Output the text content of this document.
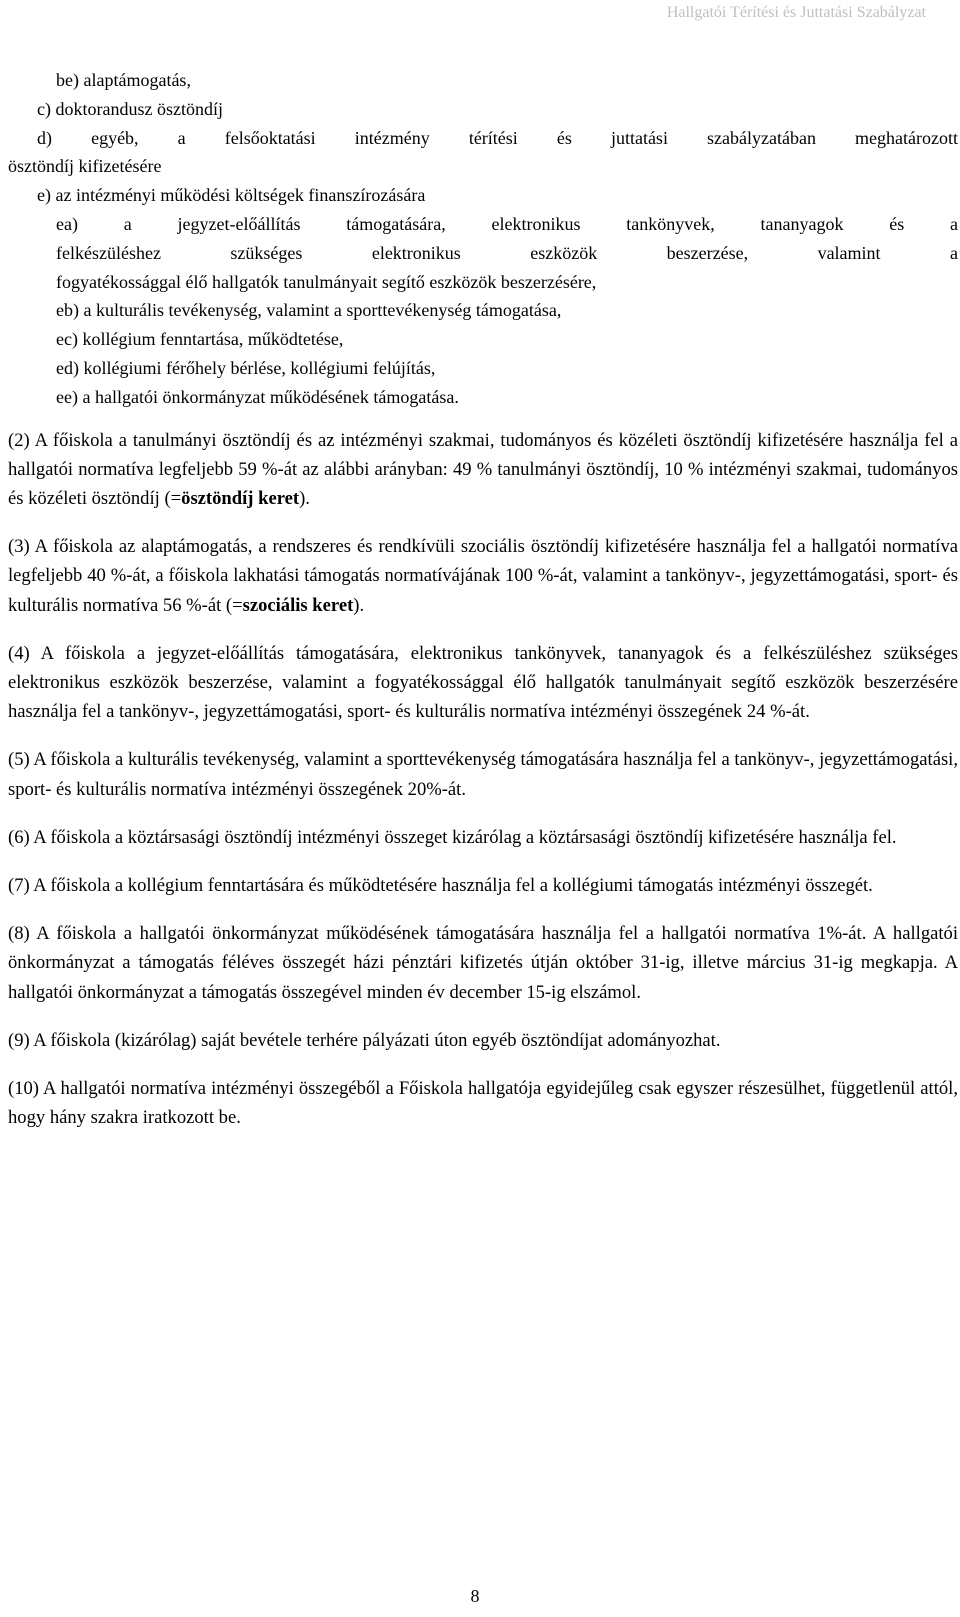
Hallgatói Térítési és Juttatási Szabályzat
be) alaptámogatás,
c) doktorandusz ösztöndíj
d) egyéb, a felsőoktatási intézmény térítési és juttatási szabályzatában meghatározott
ösztöndíj kifizetésére
e) az intézményi működési költségek finanszírozására
ea) a jegyzet-előállítás támogatására, elektronikus tankönyvek, tananyagok és a
felkészüléshez szükséges elektronikus eszközök beszerzése, valamint a
fogyatékossággal élő hallgatók tanulmányait segítő eszközök beszerzésére,
eb) a kulturális tevékenység, valamint a sporttevékenység támogatása,
ec) kollégium fenntartása, működtetése,
ed) kollégiumi férőhely bérlése, kollégiumi felújítás,
ee) a hallgatói önkormányzat működésének támogatása.

(2) A főiskola a tanulmányi ösztöndíj és az intézményi szakmai, tudományos és közéleti ösztöndíj kifizetésére használja fel a hallgatói normatíva legfeljebb 59 %-át az alábbi arányban: 49 % tanulmányi ösztöndíj, 10 % intézményi szakmai, tudományos és közéleti ösztöndíj (=ösztöndíj keret).

(3) A főiskola az alaptámogatás, a rendszeres és rendkívüli szociális ösztöndíj kifizetésére használja fel a hallgatói normatíva legfeljebb 40 %-át, a főiskola lakhatási támogatás normatívájának 100 %-át, valamint a tankönyv-, jegyzettámogatási, sport- és kulturális normatíva 56 %-át (=szociális keret).

(4) A főiskola a jegyzet-előállítás támogatására, elektronikus tankönyvek, tananyagok és a felkészüléshez szükséges elektronikus eszközök beszerzése, valamint a fogyatékossággal élő hallgatók tanulmányait segítő eszközök beszerzésére használja fel a tankönyv-, jegyzettámogatási, sport- és kulturális normatíva intézményi összegének 24 %-át.

(5) A főiskola a kulturális tevékenység, valamint a sporttevékenység támogatására használja fel a tankönyv-, jegyzettámogatási, sport- és kulturális normatíva intézményi összegének 20%-át.

(6) A főiskola a köztársasági ösztöndíj intézményi összeget kizárólag a köztársasági ösztöndíj kifizetésére használja fel.

(7) A főiskola a kollégium fenntartására és működtetésére használja fel a kollégiumi támogatás intézményi összegét.

(8) A főiskola a hallgatói önkormányzat működésének támogatására használja fel a hallgatói normatíva 1%-át. A hallgatói önkormányzat a támogatás féléves összegét házi pénztári kifizetés útján október 31-ig, illetve március 31-ig megkapja. A hallgatói önkormányzat a támogatás összegével minden év december 15-ig elszámol.

(9) A főiskola (kizárólag) saját bevétele terhére pályázati úton egyéb ösztöndíjat adományozhat.

(10) A hallgatói normatíva intézményi összegéből a Főiskola hallgatója egyidejűleg csak egyszer részesülhet, függetlenül attól, hogy hány szakra iratkozott be.

8
